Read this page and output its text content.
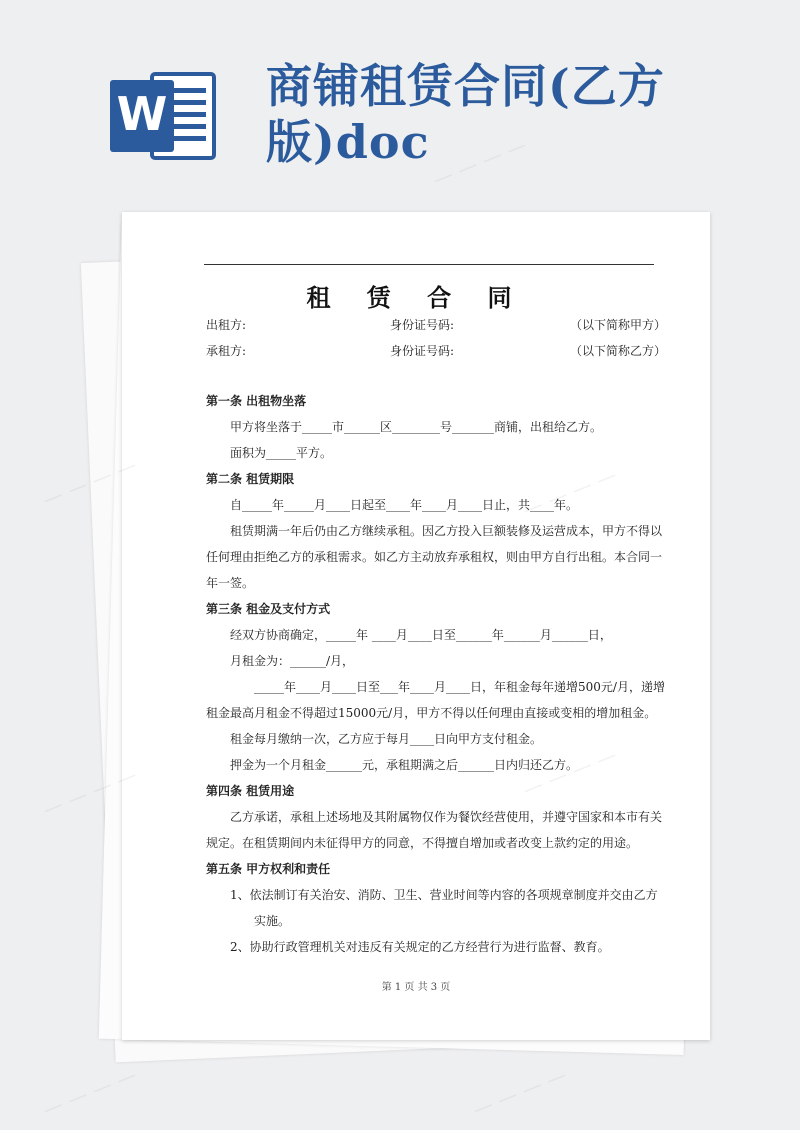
W
商铺租赁合同(乙方版)doc
租 赁 合 同
出租方:	身份证号码:	（以下简称甲方）
承租方:	身份证号码:	（以下简称乙方）

第一条 出租物坐落

甲方将坐落于_____市______区________号_______商铺，出租给乙方。

面积为_____平方。

第二条 租赁期限

自_____年_____月____日起至____年____月____日止，共____年。

租赁期满一年后仍由乙方继续承租。因乙方投入巨额装修及运营成本，甲方不得以任何理由拒绝乙方的承租需求。如乙方主动放弃承租权，则由甲方自行出租。本合同一年一签。

第三条 租金及支付方式

经双方协商确定，_____年 ____月____日至______年______月______日，

月租金为：______/月，

_____年____月____日至___年____月____日，年租金每年递增500元/月，递增租金最高月租金不得超过15000元/月，甲方不得以任何理由直接或变相的增加租金。

租金每月缴纳一次，乙方应于每月____日向甲方支付租金。

押金为一个月租金______元，承租期满之后______日内归还乙方。

第四条 租赁用途

乙方承诺，承租上述场地及其附属物仅作为餐饮经营使用，并遵守国家和本市有关规定。在租赁期间内未征得甲方的同意，不得擅自增加或者改变上款约定的用途。

第五条 甲方权利和责任

1、依法制订有关治安、消防、卫生、营业时间等内容的各项规章制度并交由乙方

实施。

2、协助行政管理机关对违反有关规定的乙方经营行为进行监督、教育。

第 1 页 共 3 页
— — — —
— —
— — — —
— — — —	— — — —
